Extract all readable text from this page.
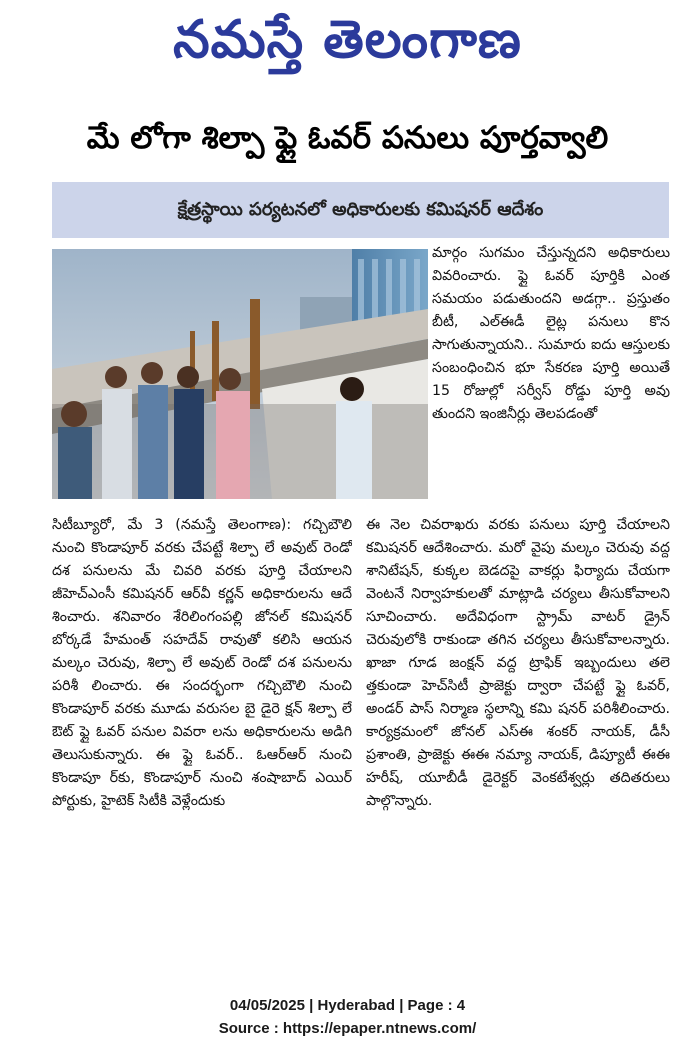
నమస్తే తెలంగాణ
మే లోగా శిల్పా ఫ్లై ఓవర్‌ పనులు పూర్తవ్వాలి
క్షేత్రస్థాయి పర్యటనలో అధికారులకు కమిషనర్‌ ఆదేశం

మార్గం సుగమం చేస్తున్నదని అధికారులు వివరించారు. ఫ్లై ఓవర్‌ పూర్తికి ఎంత సమయం పడుతుందని అడగ్గా.. ప్రస్తుతం బీటీ, ఎల్‌ఈడీ లైట్ల పనులు కొన సాగుతున్నాయని.. సుమారు ఐదు ఆస్తులకు సంబంధించిన భూ సేకరణ పూర్తి అయితే 15 రోజుల్లో సర్వీస్‌ రోడ్డు పూర్తి అవు తుందని ఇంజినీర్లు తెలపడంతో

సిటీబ్యూరో, మే 3 (నమస్తే తెలంగాణ): గచ్చిబౌలి నుంచి కొండాపూర్‌ వరకు చేపట్టే శిల్పా లే అవుట్‌ రెండో దశ పనులను మే చివరి వరకు పూర్తి చేయాలని జీహెచ్‌ఎంసీ కమిషనర్‌ ఆర్‌వీ కర్ణన్‌ అధికారులను ఆదే శించారు. శనివారం శేరిలింగంపల్లి జోనల్‌ కమిషనర్‌ బోర్కడే హేమంత్‌ సహదేవ్‌ రావుతో కలిసి ఆయన మల్కం చెరువు, శిల్పా లే అవుట్‌ రెండో దశ పనులను పరిశీ లించారు. ఈ సందర్భంగా గచ్చిబౌలి నుంచి కొండాపూర్‌ వరకు మూడు వరుసల బై డైరె క్షన్‌ శిల్పా లే ఔట్‌ ఫ్లై ఓవర్‌ పనుల వివరా లను అధికారులను అడిగి తెలుసుకున్నారు. ఈ ఫ్లై ఓవర్‌.. ఓఆర్‌ఆర్‌ నుంచి కొండాపూ ర్‌కు, కొండాపూర్‌ నుంచి శంషాబాద్‌ ఎయిర్‌ పోర్టుకు, హైటెక్‌ సిటీకి వెళ్లేందుకు

ఈ నెల చివరాఖరు వరకు పనులు పూర్తి చేయాలని కమిషనర్‌ ఆదేశించారు. మరో వైపు మల్కం చెరువు వద్ద శానిటేషన్‌, కుక్కల బెడదపై వాకర్లు ఫిర్యాదు చేయగా వెంటనే నిర్వాహకులతో మాట్లాడి చర్యలు తీసుకోవాలని సూచించారు. అదేవిధంగా స్ట్రామ్‌ వాటర్‌ డ్రైన్‌ చెరువులోకి రాకుండా తగిన చర్యలు తీసుకోవాలన్నారు. ఖాజా గూడ జంక్షన్‌ వద్ద ట్రాఫిక్‌ ఇబ్బందులు తలె త్తకుండా హెచ్‌సిటీ ప్రాజెక్టు ద్వారా చేపట్టే ఫ్లై ఓవర్‌, అండర్‌ పాస్‌ నిర్మాణ స్థలాన్ని కమి షనర్‌ పరిశీలించారు. కార్యక్రమంలో జోనల్‌ ఎస్‌ఈ శంకర్‌ నాయక్‌, డీసీ ప్రశాంతి, ప్రాజెక్టు ఈఈ నమ్యా నాయక్‌, డిప్యూటీ ఈఈ హరీష్‌, యూబీడీ డైరెక్టర్‌ వెంకటేశ్వర్లు తదితరులు పాల్గొన్నారు.

04/05/2025 | Hyderabad | Page : 4
Source : https://epaper.ntnews.com/
